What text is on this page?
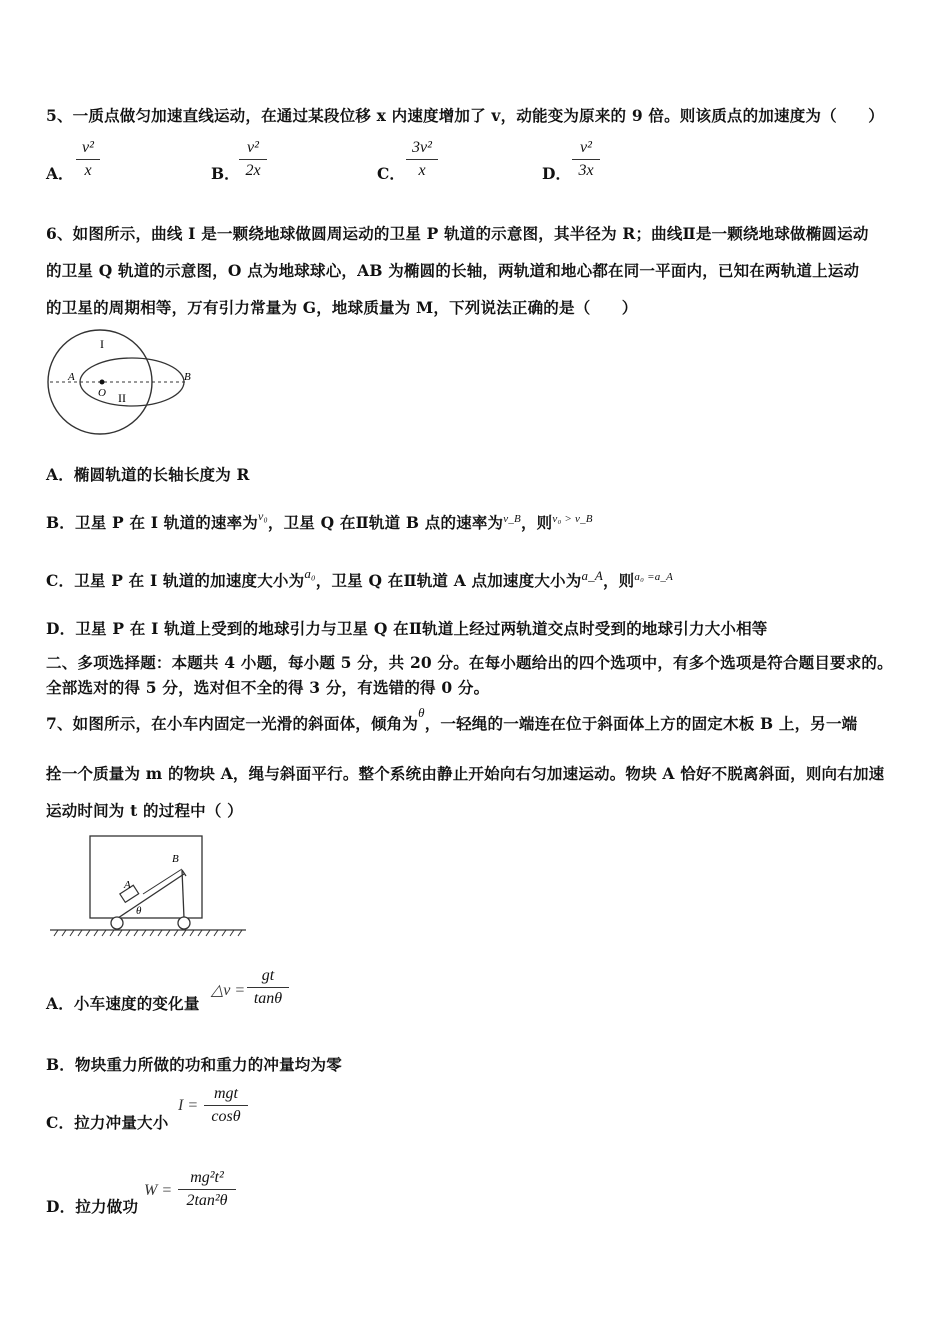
5、一质点做匀加速直线运动，在通过某段位移 x 内速度增加了 v，动能变为原来的 9 倍。则该质点的加速度为（　　）
A．
v²
x	B．
v²
2x	C．
3v²
x	D．
v²
3x
6、如图所示，曲线 I 是一颗绕地球做圆周运动的卫星 P 轨道的示意图，其半径为 R；曲线Ⅱ是一颗绕地球做椭圆运动
的卫星 Q 轨道的示意图，O 点为地球球心，AB 为椭圆的长轴，两轨道和地心都在同一平面内，已知在两轨道上运动
的卫星的周期相等，万有引力常量为 G，地球质量为 M，下列说法正确的是（　　）
I
II
A	B
O
A．椭圆轨道的长轴长度为 R
B．卫星 P 在 I 轨道的速率为$^{v_0}$，卫星 Q 在Ⅱ轨道 B 点的速率为$^{v\_B}$，则$^{v_0 > v\_B}$
C．卫星 P 在 I 轨道的加速度大小为$^{a_0}$，卫星 Q 在Ⅱ轨道 A 点加速度大小为$^{a\_A}$，则$^{a_0 =a\_A}$
D．卫星 P 在 I 轨道上受到的地球引力与卫星 Q 在Ⅱ轨道上经过两轨道交点时受到的地球引力大小相等
二、多项选择题：本题共 4 小题，每小题 5 分，共 20 分。在每小题给出的四个选项中，有多个选项是符合题目要求的。
全部选对的得 5 分，选对但不全的得 3 分，有选错的得 0 分。
7、如图所示，在小车内固定一光滑的斜面体，倾角为$^\theta$，一轻绳的一端连在位于斜面体上方的固定木板 B 上，另一端
拴一个质量为 m 的物块 A，绳与斜面平行。整个系统由静止开始向右匀加速运动。物块 A 恰好不脱离斜面，则向右加速
运动时间为 t 的过程中（ ）
A
B
θ
A．小车速度的变化量
△v =
gt
tanθ
B．物块重力所做的功和重力的冲量均为零
C．拉力冲量大小
I =
mgt
cosθ
D．拉力做功
W =
mg²t²
2tan²θ
